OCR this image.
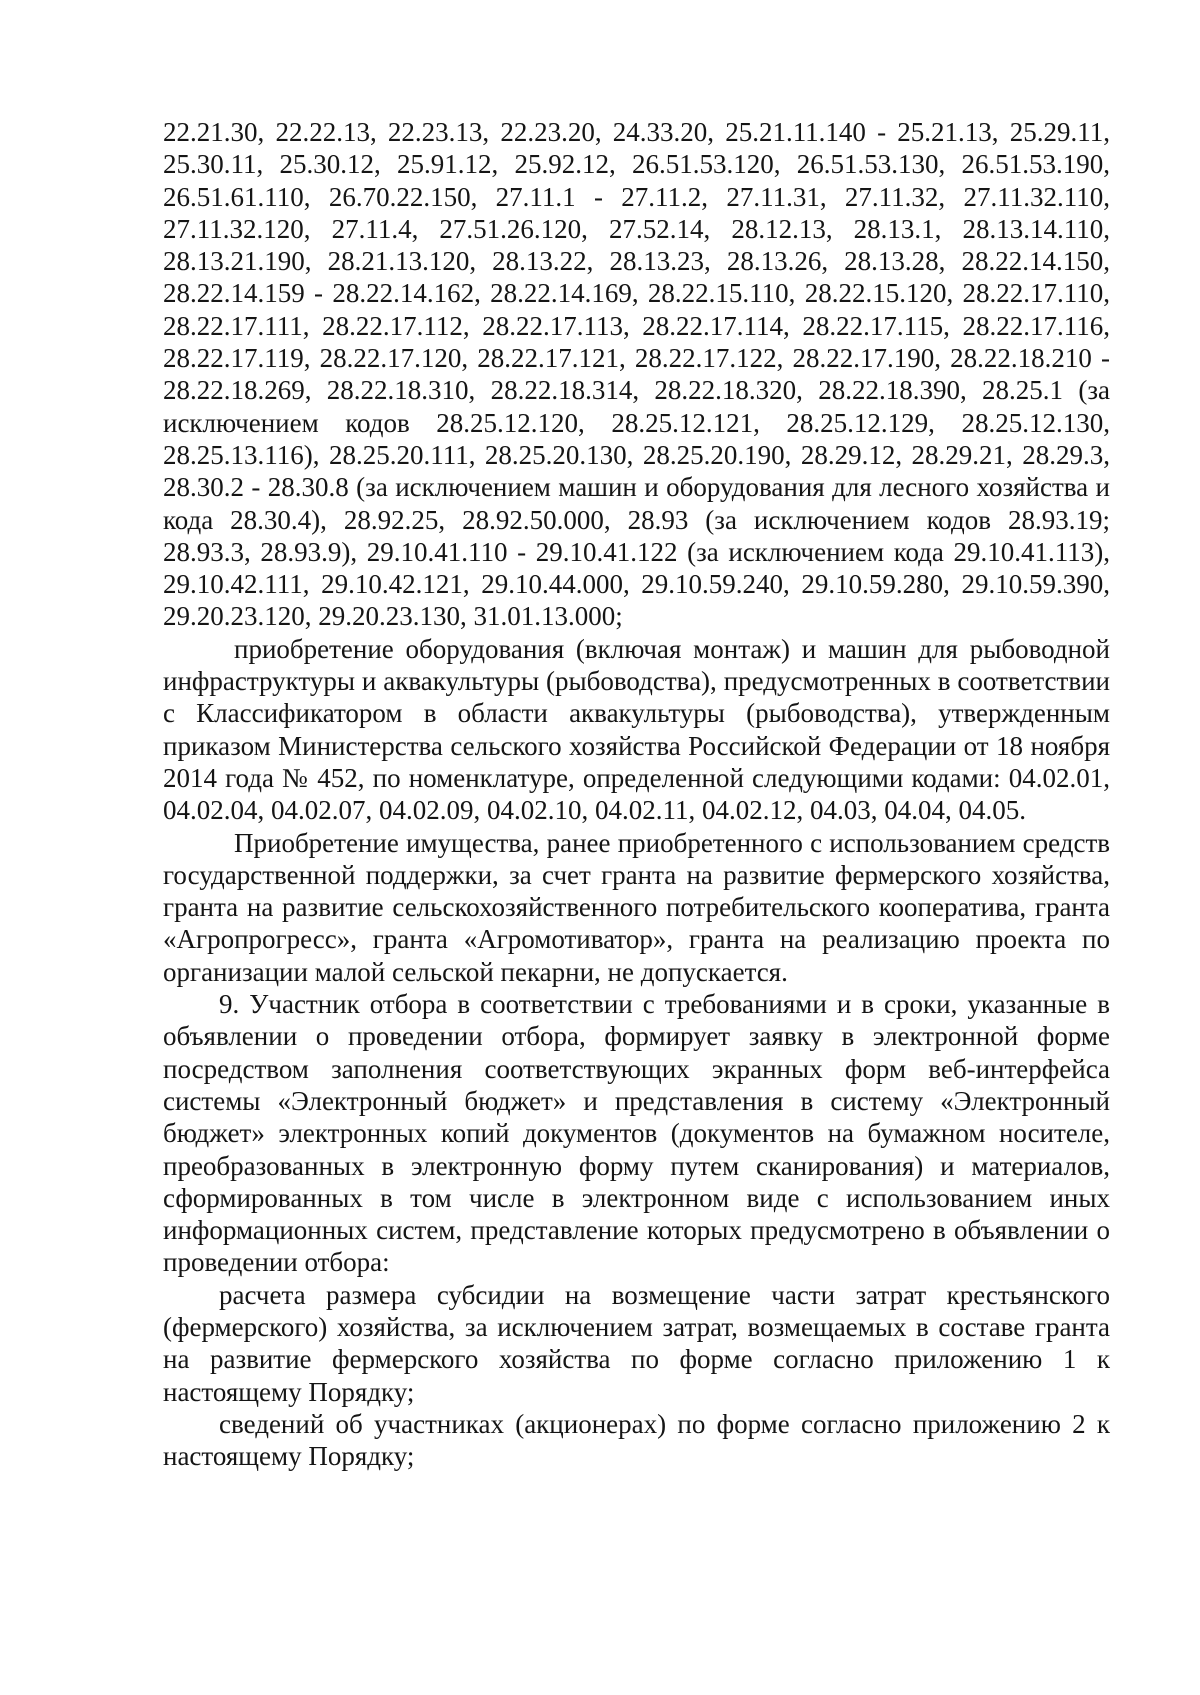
22.21.30, 22.22.13, 22.23.13, 22.23.20, 24.33.20, 25.21.11.140 - 25.21.13, 25.29.11, 25.30.11, 25.30.12, 25.91.12, 25.92.12, 26.51.53.120, 26.51.53.130, 26.51.53.190, 26.51.61.110, 26.70.22.150, 27.11.1 - 27.11.2, 27.11.31, 27.11.32, 27.11.32.110, 27.11.32.120, 27.11.4, 27.51.26.120, 27.52.14, 28.12.13, 28.13.1, 28.13.14.110, 28.13.21.190, 28.21.13.120, 28.13.22, 28.13.23, 28.13.26, 28.13.28, 28.22.14.150, 28.22.14.159 - 28.22.14.162, 28.22.14.169, 28.22.15.110, 28.22.15.120, 28.22.17.110, 28.22.17.111, 28.22.17.112, 28.22.17.113, 28.22.17.114, 28.22.17.115, 28.22.17.116, 28.22.17.119, 28.22.17.120, 28.22.17.121, 28.22.17.122, 28.22.17.190, 28.22.18.210 - 28.22.18.269, 28.22.18.310, 28.22.18.314, 28.22.18.320, 28.22.18.390, 28.25.1 (за исключением кодов 28.25.12.120, 28.25.12.121, 28.25.12.129, 28.25.12.130, 28.25.13.116), 28.25.20.111, 28.25.20.130, 28.25.20.190, 28.29.12, 28.29.21, 28.29.3, 28.30.2 - 28.30.8 (за исключением машин и оборудования для лесного хозяйства и кода 28.30.4), 28.92.25, 28.92.50.000, 28.93 (за исключением кодов 28.93.19; 28.93.3, 28.93.9), 29.10.41.110 - 29.10.41.122 (за исключением кода 29.10.41.113), 29.10.42.111, 29.10.42.121, 29.10.44.000, 29.10.59.240, 29.10.59.280, 29.10.59.390, 29.20.23.120, 29.20.23.130, 31.01.13.000;

приобретение оборудования (включая монтаж) и машин для рыбоводной инфраструктуры и аквакультуры (рыбоводства), предусмотренных в соответствии с Классификатором в области аквакультуры (рыбоводства), утвержденным приказом Министерства сельского хозяйства Российской Федерации от 18 ноября 2014 года № 452, по номенклатуре, определенной следующими кодами: 04.02.01, 04.02.04, 04.02.07, 04.02.09, 04.02.10, 04.02.11, 04.02.12, 04.03, 04.04, 04.05.

Приобретение имущества, ранее приобретенного с использованием средств государственной поддержки, за счет гранта на развитие фермерского хозяйства, гранта на развитие сельскохозяйственного потребительского кооператива, гранта «Агропрогресс», гранта «Агромотиватор», гранта на реализацию проекта по организации малой сельской пекарни, не допускается.

9. Участник отбора в соответствии с требованиями и в сроки, указанные в объявлении о проведении отбора, формирует заявку в электронной форме посредством заполнения соответствующих экранных форм веб-интерфейса системы «Электронный бюджет» и представления в систему «Электронный бюджет» электронных копий документов (документов на бумажном носителе, преобразованных в электронную форму путем сканирования) и материалов, сформированных в том числе в электронном виде с использованием иных информационных систем, представление которых предусмотрено в объявлении о проведении отбора:

расчета размера субсидии на возмещение части затрат крестьянского (фермерского) хозяйства, за исключением затрат, возмещаемых в составе гранта на развитие фермерского хозяйства по форме согласно приложению 1 к настоящему Порядку;

сведений об участниках (акционерах) по форме согласно приложению 2 к настоящему Порядку;
